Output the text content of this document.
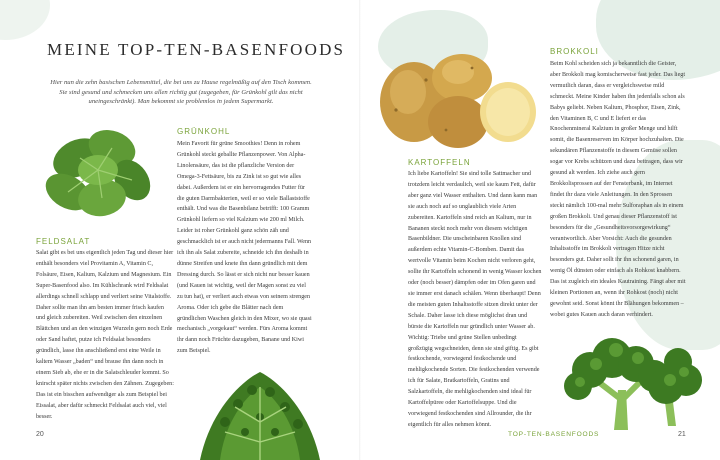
MEINE TOP-TEN-BASENFOODS
Hier nun die zehn basischen Lebensmittel, die bei uns zu Hause regelmäßig auf den Tisch kommen. Sie sind gesund und schmecken uns allen richtig gut (zugegeben, für Grünkohl gilt das nicht uneingeschränkt). Man bekommt sie problemlos in jedem Supermarkt.
FELDSALAT
Salat gibt es bei uns eigentlich jeden Tag und dieser hier enthält besonders viel Provitamin A, Vitamin C, Folsäure, Eisen, Kalium, Kalzium und Magnesium. Ein Super-Basenfood also. Im Kühlschrank wird Feldsalat allerdings schnell schlapp und verliert seine Vitalstoffe. Daher sollte man ihn am besten immer frisch kaufen und gleich zubereiten. Weil zwischen den einzelnen Blättchen und an den winzigen Wurzeln gern noch Erde oder Sand haftet, putze ich Feldsalat besonders gründlich, lasse ihn anschließend erst eine Weile in kaltem Wasser „baden“ und brause ihn dann noch in einem Sieb ab, ehe er in die Salatschleuder kommt. So knirscht später nichts zwischen den Zähnen. Zugegeben: Das ist ein bisschen aufwendiger als zum Beispiel bei Eissalat, aber dafür schmeckt Feldsalat auch viel, viel besser.
GRÜNKOHL
Mein Favorit für grüne Smoothies! Denn in rohem Grünkohl steckt geballte Pflanzenpower. Von Alpha-Linolensäure, das ist die pflanzliche Version der Omega-3-Fettsäure, bis zu Zink ist so gut wie alles dabei. Außerdem ist er ein hervorragendes Futter für die guten Darmbakterien, weil er so viele Ballaststoffe enthält. Und was die Basenbilanz betrifft: 100 Gramm Grünkohl liefern so viel Kalzium wie 200 ml Milch. Leider ist roher Grünkohl ganz schön zäh und geschmacklich ist er auch nicht jedermanns Fall. Wenn ich ihn als Salat zubereite, schneide ich ihn deshalb in dünne Streifen und knete ihn dann gründlich mit dem Dressing durch. So lässt er sich nicht nur besser kauen (und Kauen ist wichtig, weil der Magen sonst zu viel zu tun hat), er verliert auch etwas von seinem strengen Aroma. Oder ich gebe die Blätter nach dem gründlichen Waschen gleich in den Mixer, wo sie quasi mechanisch „vorgekaut“ werden. Fürs Aroma kommt ihr dann noch Früchte dazugeben, Banane und Kiwi zum Beispiel.
20
KARTOFFELN
Ich liebe Kartoffeln! Sie sind tolle Sattmacher und trotzdem leicht verdaulich, weil sie kaum Fett, dafür aber ganz viel Wasser enthalten. Und dann kann man sie auch noch auf so unglaublich viele Arten zubereiten. Kartoffeln sind reich an Kalium, nur in Bananen steckt noch mehr von diesem wichtigen Basenbildner. Die unscheinbaren Knollen sind außerdem echte Vitamin-C-Bomben. Damit das wertvolle Vitamin beim Kochen nicht verloren geht, sollte ihr Kartoffeln schonend in wenig Wasser kochen oder (noch besser) dämpfen oder im Ofen garen und sie immer erst danach schälen. Wenn überhaupt! Denn die meisten guten Inhaltsstoffe sitzen direkt unter der Schale. Daher lasse ich diese möglichst dran und bürste die Kartoffeln nur gründlich unter Wasser ab. Wichtig: Triebe und grüne Stellen unbedingt großzügig wegschneiden, denn sie sind giftig. Es gibt festkochende, vorwiegend festkochende und mehligkochende Sorten. Die festkochenden verwende ich für Salate, Bratkartoffeln, Gratins und Salzkartoffeln, die mehligkochenden sind ideal für Kartoffelpüree oder Kartoffelsuppe. Und die vorwiegend festkochenden sind Allrounder, die ihr eigentlich für alles nehmen könnt.
BROKKOLI
Beim Kohl scheiden sich ja bekanntlich die Geister, aber Brokkoli mag komischerweise fast jeder. Das liegt vermutlich daran, dass er vergleichsweise mild schmeckt. Meine Kinder haben ihn jedenfalls schon als Babys geliebt. Neben Kalium, Phosphor, Eisen, Zink, den Vitaminen B, C und E liefert er das Knochenmineral Kalzium in großer Menge und hilft somit, die Basenreserven im Körper hochzuhalten. Die sekundären Pflanzenstoffe in diesem Gemüse sollen sogar vor Krebs schützen und dazu beitragen, dass wir gesund alt werden. Ich ziehe auch gern Brokkolisprossen auf der Fensterbank, im Internet findet ihr dazu viele Anleitungen. In den Sprossen steckt nämlich 100-mal mehr Sulforaphan als in einem großen Brokkoli. Und genau dieser Pflanzenstoff ist besonders für die „Gesundheitsvorsorgewirkung“ verantwortlich. Aber Vorsicht: Auch die gesunden Inhaltsstoffe im Brokkoli vertragen Hitze nicht besonders gut. Daher sollt ihr ihn schonend garen, in wenig Öl dünsten oder einfach als Rohkost knabbern. Das ist zugleich ein ideales Kautraining. Fängt aber mit kleinen Portionen an, wenn ihr Rohkost (noch) nicht gewohnt seid. Sonst könnt ihr Blähungen bekommen – wobei gutes Kauen auch daran verhindert.
TOP-TEN-BASENFOODS	21
